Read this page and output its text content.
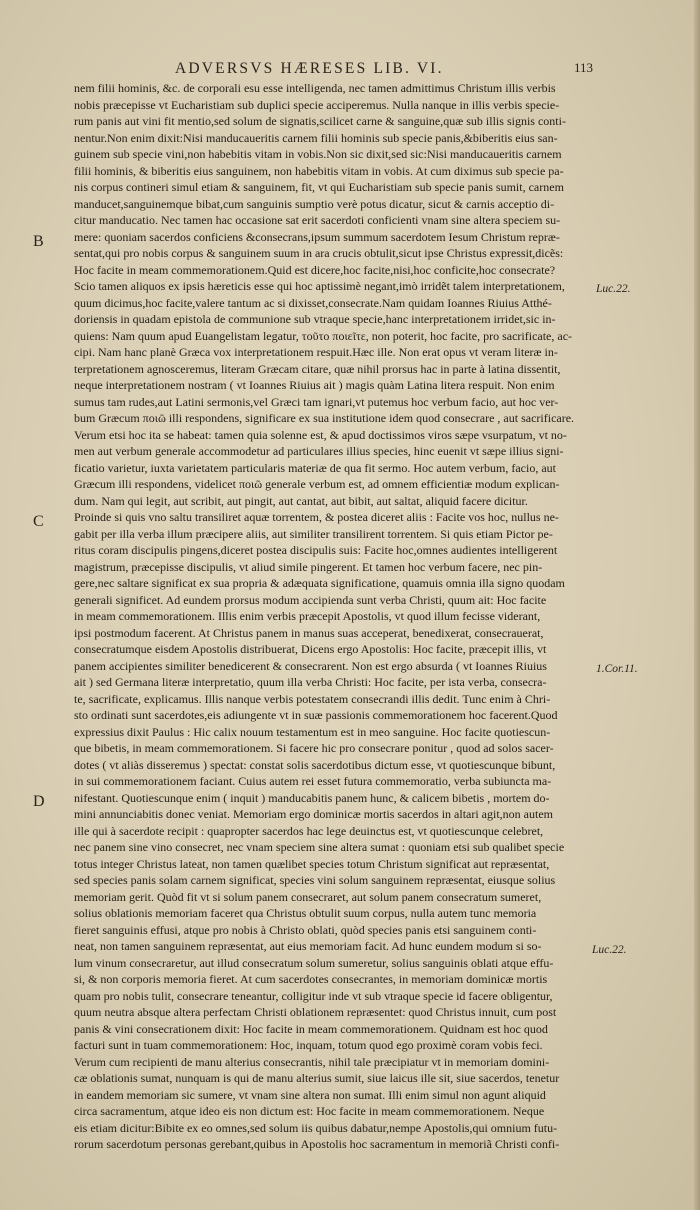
ADVERSVS HÆRESES LIB. VI.	113
B
C
D
Luc.22.
1.Cor.11.
Luc.22.
nem filii hominis, &c. de corporali esu esse intelligenda, nec tamen admittimus Christum illis verbis
nobis præcepisse vt Eucharistiam sub duplici specie acciperemus. Nulla nanque in illis verbis specie-
rum panis aut vini fit mentio,sed solum de signatis,scilicet carne & sanguine,quæ sub illis signis conti-
nentur.Non enim dixit:Nisi manducaueritis carnem filii hominis sub specie panis,&biberitis eius san-
guinem sub specie vini,non habebitis vitam in vobis.Non sic dixit,sed sic:Nisi manducaueritis carnem
filii hominis, & biberitis eius sanguinem, non habebitis vitam in vobis. At cum diximus sub specie pa-
nis corpus contineri simul etiam & sanguinem, fit, vt qui Eucharistiam sub specie panis sumit, carnem
manducet,sanguinemque bibat,cum sanguinis sumptio verè potus dicatur, sicut & carnis acceptio di-
citur manducatio. Nec tamen hac occasione sat erit sacerdoti conficienti vnam sine altera speciem su-
mere: quoniam sacerdos conficiens &consecrans,ipsum summum sacerdotem Iesum Christum repræ-
sentat,qui pro nobis corpus & sanguinem suum in ara crucis obtulit,sicut ipse Christus expressit,dicẽs:
Hoc facite in meam commemorationem.Quid est dicere,hoc facite,nisi,hoc conficite,hoc consecrate?
Scio tamen aliquos ex ipsis hæreticis esse qui hoc aptissimè negant,imò irridẽt talem interpretationem,
quum dicimus,hoc facite,valere tantum ac si dixisset,consecrate.Nam quidam Ioannes Riuius Atthé-
doriensis in quadam epistola de communione sub vtraque specie,hanc interpretationem irridet,sic in-
quiens: Nam quum apud Euangelistam legatur, τοῦτο ποιεῖτε, non poterit, hoc facite, pro sacrificate, ac-
cipi. Nam hanc planè Græca vox interpretationem respuit.Hæc ille. Non erat opus vt veram literæ in-
terpretationem agnosceremus, literam Græcam citare, quæ nihil prorsus hac in parte à latina dissentit,
neque interpretationem nostram ( vt Ioannes Riuius ait ) magis quàm Latina litera respuit. Non enim
sumus tam rudes,aut Latini sermonis,vel Græci tam ignari,vt putemus hoc verbum facio, aut hoc ver-
bum Græcum ποιῶ illi respondens, significare ex sua institutione idem quod consecrare , aut sacrificare.
Verum etsi hoc ita se habeat: tamen quia solenne est, & apud doctissimos viros sæpe vsurpatum, vt no-
men aut verbum generale accommodetur ad particulares illius species, hinc euenit vt sæpe illius signi-
ficatio varietur, iuxta varietatem particularis materiæ de qua fit sermo. Hoc autem verbum, facio, aut
Græcum illi respondens, videlicet ποιῶ generale verbum est, ad omnem efficientiæ modum explican-
dum. Nam qui legit, aut scribit, aut pingit, aut cantat, aut bibit, aut saltat, aliquid facere dicitur.
Proinde si quis vno saltu transiliret aquæ torrentem, & postea diceret aliis : Facite vos hoc, nullus ne-
gabit per illa verba illum præcipere aliis, aut similiter transilirent torrentem. Si quis etiam Pictor pe-
ritus coram discipulis pingens,diceret postea discipulis suis: Facite hoc,omnes audientes intelligerent
magistrum, præcepisse discipulis, vt aliud simile pingerent. Et tamen hoc verbum facere, nec pin-
gere,nec saltare significat ex sua propria & adæquata significatione, quamuis omnia illa signo quodam
generali significet. Ad eundem prorsus modum accipienda sunt verba Christi, quum ait: Hoc facite
in meam commemorationem. Illis enim verbis præcepit Apostolis, vt quod illum fecisse viderant,
ipsi postmodum facerent. At Christus panem in manus suas acceperat, benedixerat, consecrauerat,
consecratumque eisdem Apostolis distribuerat, Dicens ergo Apostolis: Hoc facite, præcepit illis, vt
panem accipientes similiter benedicerent & consecrarent. Non est ergo absurda ( vt Ioannes Riuius
ait ) sed Germana literæ interpretatio, quum illa verba Christi: Hoc facite, per ista verba, consecra-
te, sacrificate, explicamus. Illis nanque verbis potestatem consecrandi illis dedit. Tunc enim à Chri-
sto ordinati sunt sacerdotes,eis adiungente vt in suæ passionis commemorationem hoc facerent.Quod
expressius dixit Paulus : Hic calix nouum testamentum est in meo sanguine. Hoc facite quotiescun-
que bibetis, in meam commemorationem. Si facere hic pro consecrare ponitur , quod ad solos sacer-
dotes ( vt aliàs disseremus ) spectat: constat solis sacerdotibus dictum esse, vt quotiescunque bibunt,
in sui commemorationem faciant. Cuius autem rei esset futura commemoratio, verba subiuncta ma-
nifestant. Quotiescunque enim ( inquit ) manducabitis panem hunc, & calicem bibetis , mortem do-
mini annunciabitis donec veniat. Memoriam ergo dominicæ mortis sacerdos in altari agit,non autem
ille qui à sacerdote recipit : quapropter sacerdos hac lege deuinctus est, vt quotiescunque celebret,
nec panem sine vino consecret, nec vnam speciem sine altera sumat : quoniam etsi sub qualibet specie
totus integer Christus lateat, non tamen quælibet species totum Christum significat aut repræsentat,
sed species panis solam carnem significat, species vini solum sanguinem repræsentat, eiusque solius
memoriam gerit. Quòd fit vt si solum panem consecraret, aut solum panem consecratum sumeret,
solius oblationis memoriam faceret qua Christus obtulit suum corpus, nulla autem tunc memoria
fieret sanguinis effusi, atque pro nobis à Christo oblati, quòd species panis etsi sanguinem conti-
neat, non tamen sanguinem repræsentat, aut eius memoriam facit. Ad hunc eundem modum si so-
lum vinum consecraretur, aut illud consecratum solum sumeretur, solius sanguinis oblati atque effu-
si, & non corporis memoria fieret. At cum sacerdotes consecrantes, in memoriam dominicæ mortis
quam pro nobis tulit, consecrare teneantur, colligitur inde vt sub vtraque specie id facere obligentur,
quum neutra absque altera perfectam Christi oblationem repræsentet: quod Christus innuit, cum post
panis & vini consecrationem dixit: Hoc facite in meam commemorationem. Quidnam est hoc quod
facturi sunt in tuam commemorationem: Hoc, inquam, totum quod ego proximè coram vobis feci.
Verum cum recipienti de manu alterius consecrantis, nihil tale præcipiatur vt in memoriam domini-
cæ oblationis sumat, nunquam is qui de manu alterius sumit, siue laicus ille sit, siue sacerdos, tenetur
in eandem memoriam sic sumere, vt vnam sine altera non sumat. Illi enim simul non agunt aliquid
circa sacramentum, atque ideo eis non dictum est: Hoc facite in meam commemorationem. Neque
eis etiam dicitur:Bibite ex eo omnes,sed solum iis quibus dabatur,nempe Apostolis,qui omnium futu-
rorum sacerdotum personas gerebant,quibus in Apostolis hoc sacramentum in memoriã Christi confi-
